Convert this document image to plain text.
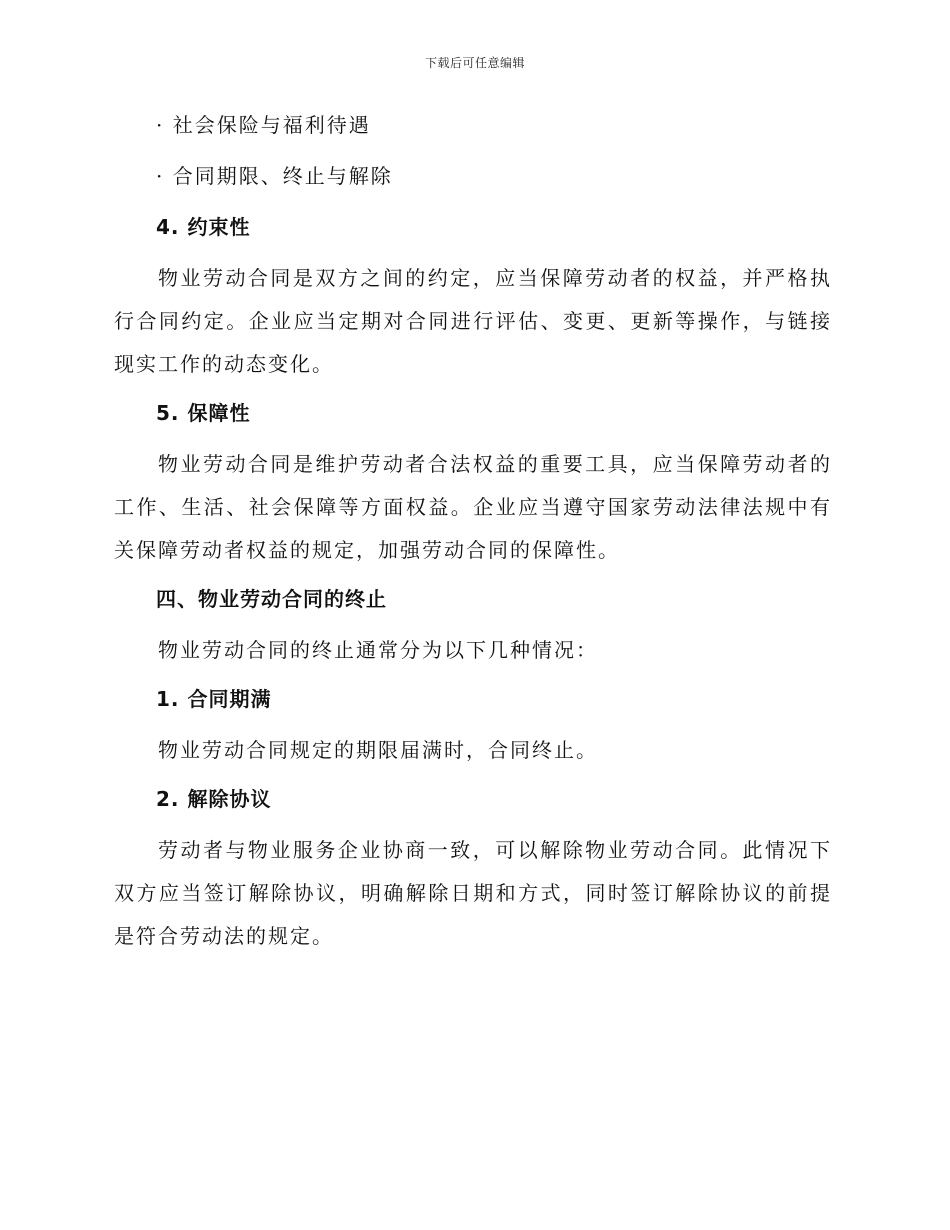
下载后可任意编辑
· 社会保险与福利待遇
· 合同期限、终止与解除
4. 约束性
物业劳动合同是双方之间的约定，应当保障劳动者的权益，并严格执行合同约定。企业应当定期对合同进行评估、变更、更新等操作，与链接现实工作的动态变化。
5. 保障性
物业劳动合同是维护劳动者合法权益的重要工具，应当保障劳动者的工作、生活、社会保障等方面权益。企业应当遵守国家劳动法律法规中有关保障劳动者权益的规定，加强劳动合同的保障性。
四、物业劳动合同的终止
物业劳动合同的终止通常分为以下几种情况：
1. 合同期满
物业劳动合同规定的期限届满时，合同终止。
2. 解除协议
劳动者与物业服务企业协商一致，可以解除物业劳动合同。此情况下双方应当签订解除协议，明确解除日期和方式，同时签订解除协议的前提是符合劳动法的规定。
